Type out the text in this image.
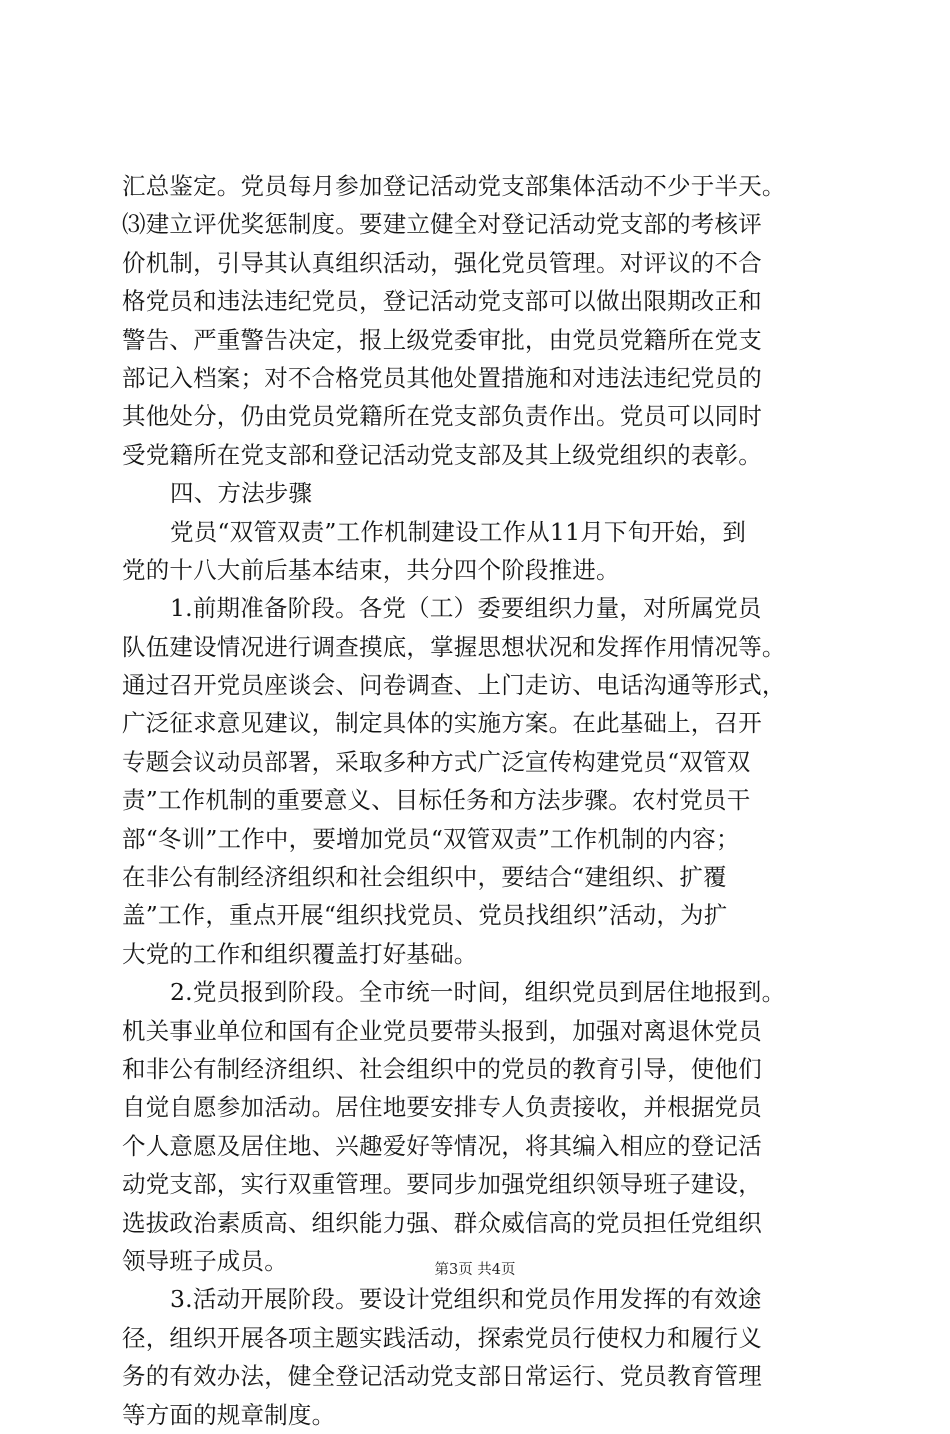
汇总鉴定。党员每月参加登记活动党支部集体活动不少于半天。
⑶建立评优奖惩制度。要建立健全对登记活动党支部的考核评
价机制，引导其认真组织活动，强化党员管理。对评议的不合
格党员和违法违纪党员，登记活动党支部可以做出限期改正和
警告、严重警告决定，报上级党委审批，由党员党籍所在党支
部记入档案；对不合格党员其他处置措施和对违法违纪党员的
其他处分，仍由党员党籍所在党支部负责作出。党员可以同时
受党籍所在党支部和登记活动党支部及其上级党组织的表彰。
四、方法步骤
党员“双管双责”工作机制建设工作从11月下旬开始，到
党的十八大前后基本结束，共分四个阶段推进。
1.前期准备阶段。各党（工）委要组织力量，对所属党员
队伍建设情况进行调查摸底，掌握思想状况和发挥作用情况等。
通过召开党员座谈会、问卷调查、上门走访、电话沟通等形式，
广泛征求意见建议，制定具体的实施方案。在此基础上，召开
专题会议动员部署，采取多种方式广泛宣传构建党员“双管双
责”工作机制的重要意义、目标任务和方法步骤。农村党员干
部“冬训”工作中，要增加党员“双管双责”工作机制的内容；
在非公有制经济组织和社会组织中，要结合“建组织、扩覆
盖”工作，重点开展“组织找党员、党员找组织”活动，为扩
大党的工作和组织覆盖打好基础。
2.党员报到阶段。全市统一时间，组织党员到居住地报到。
机关事业单位和国有企业党员要带头报到，加强对离退休党员
和非公有制经济组织、社会组织中的党员的教育引导，使他们
自觉自愿参加活动。居住地要安排专人负责接收，并根据党员
个人意愿及居住地、兴趣爱好等情况，将其编入相应的登记活
动党支部，实行双重管理。要同步加强党组织领导班子建设，
选拔政治素质高、组织能力强、群众威信高的党员担任党组织
领导班子成员。
3.活动开展阶段。要设计党组织和党员作用发挥的有效途
径，组织开展各项主题实践活动，探索党员行使权力和履行义
务的有效办法，健全登记活动党支部日常运行、党员教育管理
等方面的规章制度。
第3页 共4页
